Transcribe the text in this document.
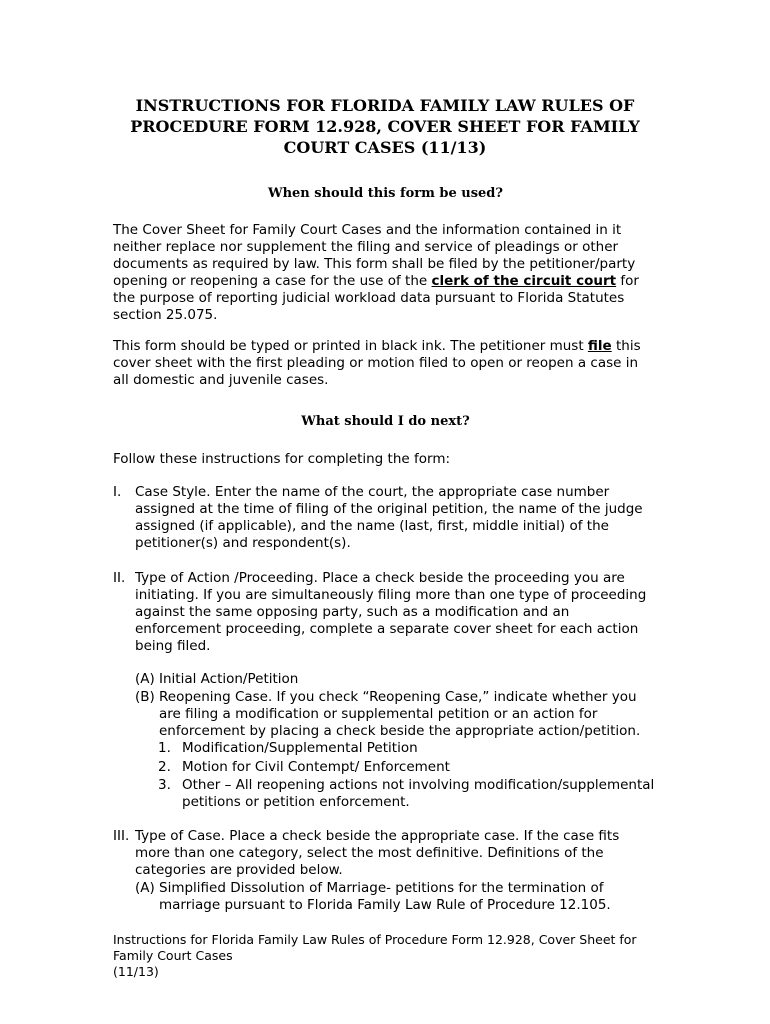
INSTRUCTIONS FOR FLORIDA FAMILY LAW RULES OF PROCEDURE FORM 12.928, COVER SHEET FOR FAMILY COURT CASES (11/13)
When should this form be used?
The Cover Sheet for Family Court Cases and the information contained in it neither replace nor supplement the filing and service of pleadings or other documents as required by law. This form shall be filed by the petitioner/party opening or reopening a case for the use of the clerk of the circuit court for the purpose of reporting judicial workload data pursuant to Florida Statutes section 25.075.
This form should be typed or printed in black ink. The petitioner must file this cover sheet with the first pleading or motion filed to open or reopen a case in all domestic and juvenile cases.
What should I do next?
Follow these instructions for completing the form:
I. Case Style. Enter the name of the court, the appropriate case number assigned at the time of filing of the original petition, the name of the judge assigned (if applicable), and the name (last, first, middle initial) of the petitioner(s) and respondent(s).
II. Type of Action /Proceeding. Place a check beside the proceeding you are initiating. If you are simultaneously filing more than one type of proceeding against the same opposing party, such as a modification and an enforcement proceeding, complete a separate cover sheet for each action being filed.
(A) Initial Action/Petition
(B) Reopening Case. If you check “Reopening Case,” indicate whether you are filing a modification or supplemental petition or an action for enforcement by placing a check beside the appropriate action/petition.
1. Modification/Supplemental Petition
2. Motion for Civil Contempt/ Enforcement
3. Other – All reopening actions not involving modification/supplemental petitions or petition enforcement.
III. Type of Case. Place a check beside the appropriate case. If the case fits more than one category, select the most definitive. Definitions of the categories are provided below.
(A) Simplified Dissolution of Marriage- petitions for the termination of marriage pursuant to Florida Family Law Rule of Procedure 12.105.
Instructions for Florida Family Law Rules of Procedure Form 12.928, Cover Sheet for Family Court Cases
(11/13)
